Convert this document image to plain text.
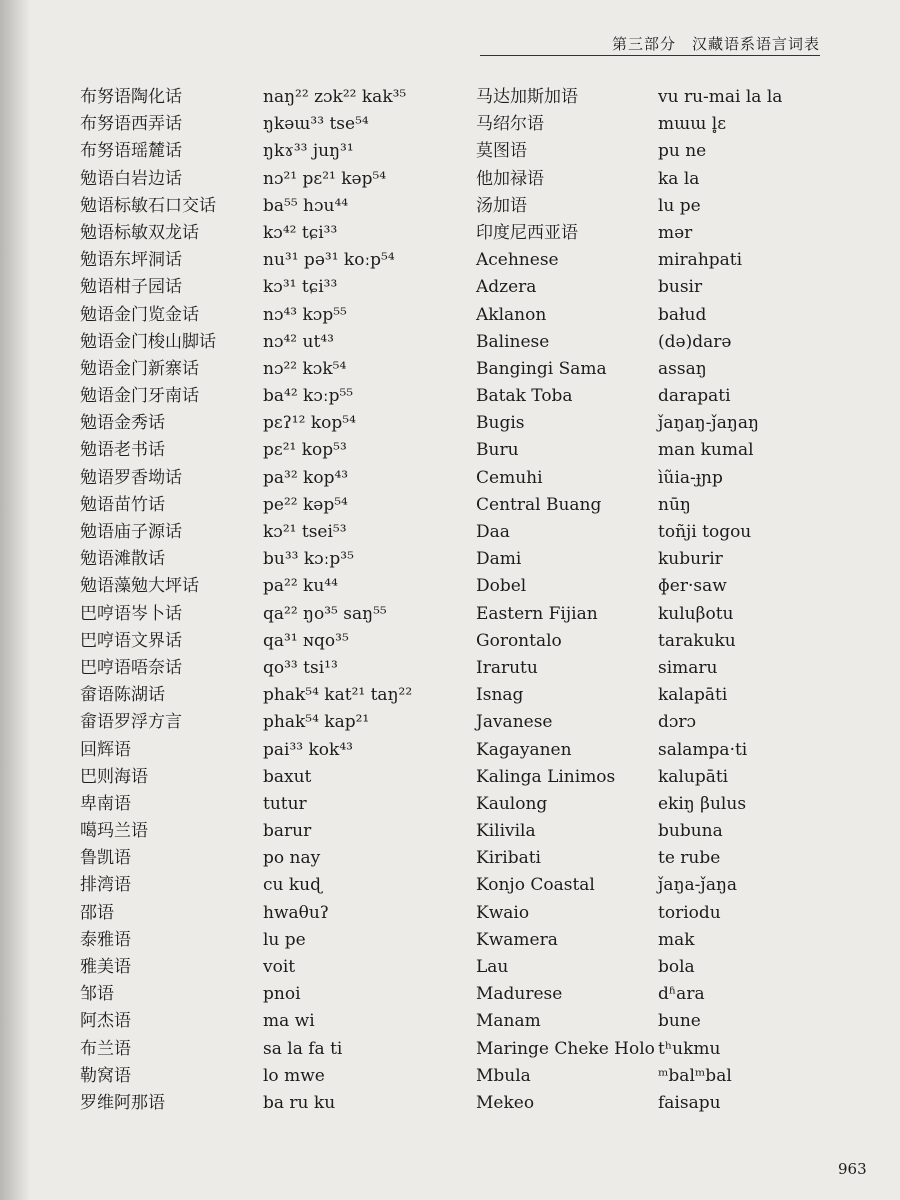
第三部分　汉藏语系语言词表
布努语陶化话
布努语西弄话
布努语瑶麓话
勉语白岩边话
勉语标敏石口交话
勉语标敏双龙话
勉语东坪洞话
勉语柑子园话
勉语金门览金话
勉语金门梭山脚话
勉语金门新寨话
勉语金门牙南话
勉语金秀话
勉语老书话
勉语罗香坳话
勉语苗竹话
勉语庙子源话
勉语滩散话
勉语藻勉大坪话
巴哼语岑卜话
巴哼语文界话
巴哼语唔奈话
畲语陈湖话
畲语罗浮方言
回辉语
巴则海语
卑南语
噶玛兰语
鲁凯语
排湾语
邵语
泰雅语
雅美语
邹语
阿杰语
布兰语
勒窝语
罗维阿那语
naŋ²² zɔk²² kak³⁵
ŋkəɯ³³ tse⁵⁴
ŋkɤ³³ juŋ³¹
nɔ²¹ pɛ²¹ kəp⁵⁴
ba⁵⁵ hɔu⁴⁴
kɔ⁴² tɕi³³
nu³¹ pə³¹ koːp⁵⁴
kɔ³¹ tɕi³³
nɔ⁴³ kɔp⁵⁵
nɔ⁴² ut⁴³
nɔ²² kɔk⁵⁴
ba⁴² kɔːp⁵⁵
pɛʔ¹² kop⁵⁴
pɛ²¹ kop⁵³
pa³² kop⁴³
pe²² kəp⁵⁴
kɔ²¹ tsei⁵³
bu³³ kɔːp³⁵
pa²² ku⁴⁴
qa²² ŋo³⁵ saŋ⁵⁵
qa³¹ ɴqo³⁵
qo³³ tsi¹³
phak⁵⁴ kat²¹ taŋ²²
phak⁵⁴ kap²¹
pai³³ kok⁴³
baxut
tutur
barur
po nay
cu kuɖ
hwaθuʔ
lu pe
voit
pnoi
ma wi
sa la fa ti
lo mwe
ba ru ku
马达加斯加语
马绍尔语
莫图语
他加禄语
汤加语
印度尼西亚语
Acehnese
Adzera
Aklanon
Balinese
Bangingi Sama
Batak Toba
Bugis
Buru
Cemuhi
Central Buang
Daa
Dami
Dobel
Eastern Fijian
Gorontalo
Irarutu
Isnag
Javanese
Kagayanen
Kalinga Linimos
Kaulong
Kilivila
Kiribati
Konjo Coastal
Kwaio
Kwamera
Lau
Madurese
Manam
Maringe Cheke Holo
Mbula
Mekeo
vu ru-mai la la
mɯɯ l̥ɛ
pu ne
ka la
lu pe
mər
mirahpati
busir
bałud
(də)darə
assaŋ
darapati
ǰaŋaŋ-ǰaŋaŋ
man kumal
ìũia-ɟɲp
nūŋ
toñji togou
kuburir
ɸer·saw
kuluβotu
tarakuku
simaru
kalapāti
dɔrɔ
salampa·ti
kalupāti
ekiŋ βulus
bubuna
te rube
ǰaŋa-ǰaŋa
toriodu
mak
bola
dʱara
bune
tʰukmu
ᵐbalᵐbal
faisapu
963
